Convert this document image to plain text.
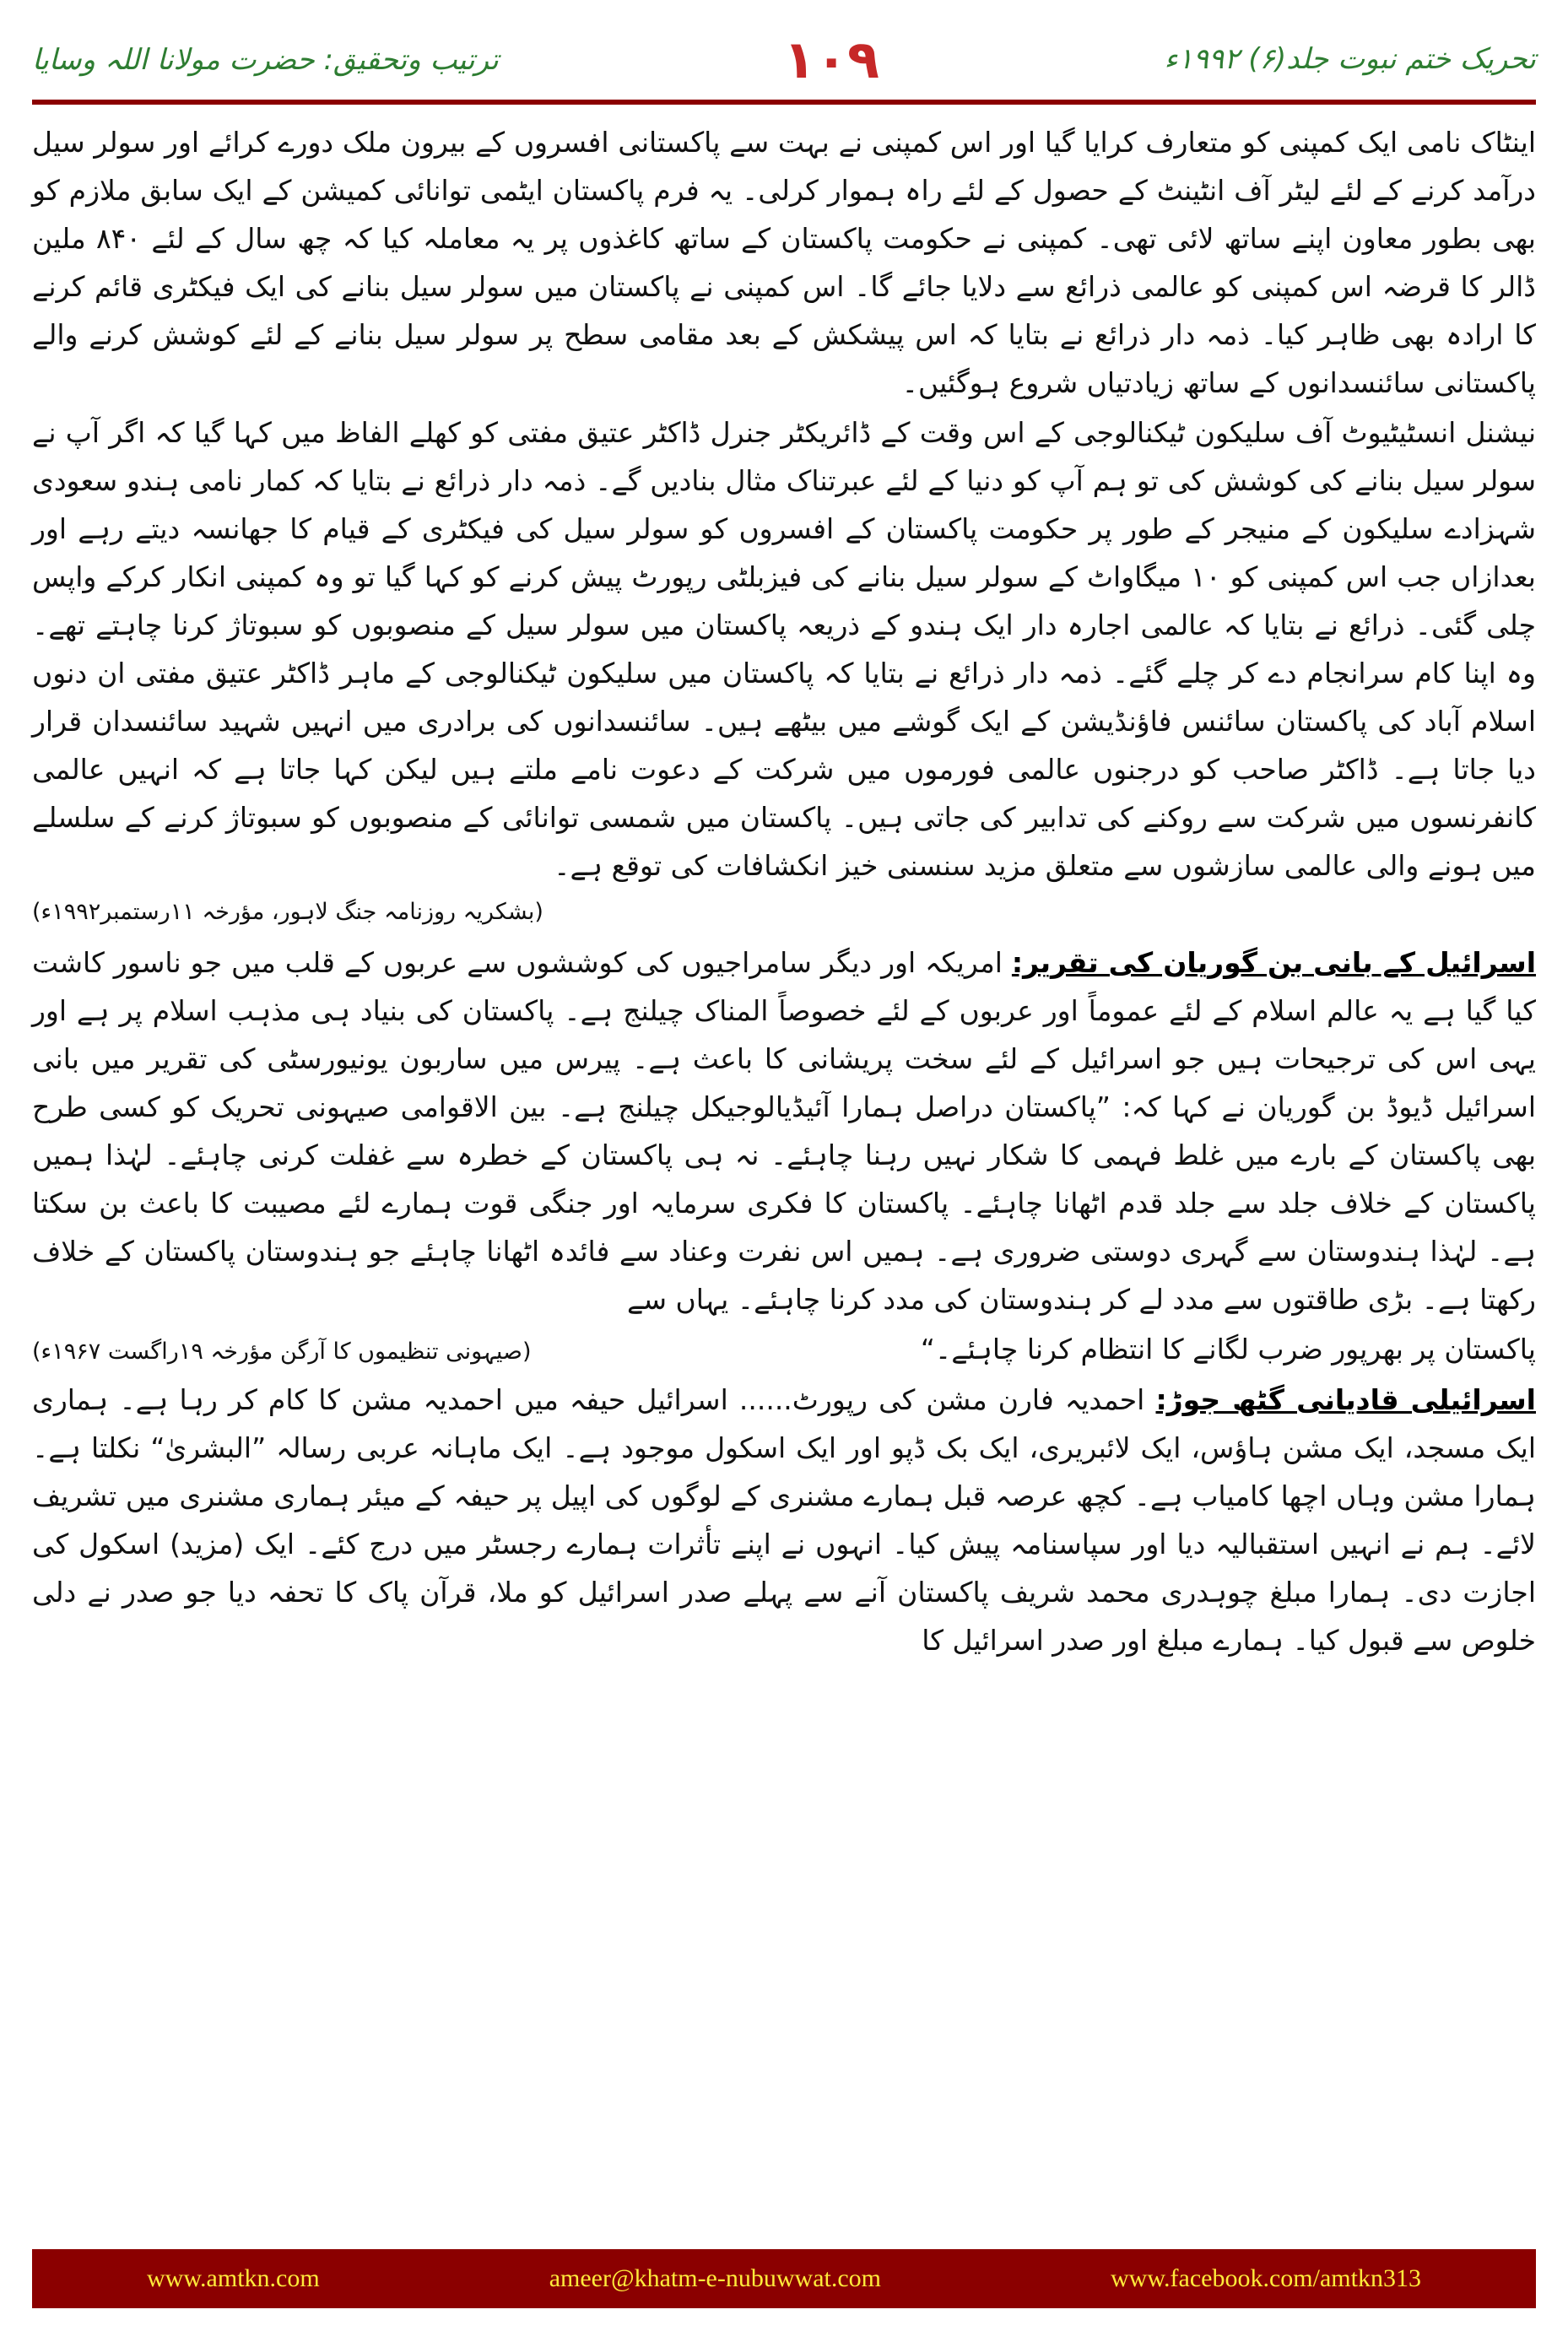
ترتیب وتحقیق: حضرت مولانا اللہ وسایا	۱۰۹	تحریک ختم نبوت جلد(۶) ۱۹۹۲ء

اینٹاک نامی ایک کمپنی کو متعارف کرایا گیا اور اس کمپنی نے بہت سے پاکستانی افسروں کے بیرون ملک دورے کرائے اور سولر سیل درآمد کرنے کے لئے لیٹر آف انٹینٹ کے حصول کے لئے راہ ہموار کرلی۔ یہ فرم پاکستان ایٹمی توانائی کمیشن کے ایک سابق ملازم کو بھی بطور معاون اپنے ساتھ لائی تھی۔ کمپنی نے حکومت پاکستان کے ساتھ کاغذوں پر یہ معاملہ کیا کہ چھ سال کے لئے ۸۴۰ ملین ڈالر کا قرضہ اس کمپنی کو عالمی ذرائع سے دلایا جائے گا۔ اس کمپنی نے پاکستان میں سولر سیل بنانے کی ایک فیکٹری قائم کرنے کا ارادہ بھی ظاہر کیا۔ ذمہ دار ذرائع نے بتایا کہ اس پیشکش کے بعد مقامی سطح پر سولر سیل بنانے کے لئے کوشش کرنے والے پاکستانی سائنسدانوں کے ساتھ زیادتیاں شروع ہوگئیں۔

نیشنل انسٹیٹیوٹ آف سلیکون ٹیکنالوجی کے اس وقت کے ڈائریکٹر جنرل ڈاکٹر عتیق مفتی کو کھلے الفاظ میں کہا گیا کہ اگر آپ نے سولر سیل بنانے کی کوشش کی تو ہم آپ کو دنیا کے لئے عبرتناک مثال بنادیں گے۔ ذمہ دار ذرائع نے بتایا کہ کمار نامی ہندو سعودی شہزادے سلیکون کے منیجر کے طور پر حکومت پاکستان کے افسروں کو سولر سیل کی فیکٹری کے قیام کا جھانسہ دیتے رہے اور بعدازاں جب اس کمپنی کو ۱۰ میگاواٹ کے سولر سیل بنانے کی فیزبلٹی رپورٹ پیش کرنے کو کہا گیا تو وہ کمپنی انکار کرکے واپس چلی گئی۔ ذرائع نے بتایا کہ عالمی اجارہ دار ایک ہندو کے ذریعہ پاکستان میں سولر سیل کے منصوبوں کو سبوتاژ کرنا چاہتے تھے۔ وہ اپنا کام سرانجام دے کر چلے گئے۔ ذمہ دار ذرائع نے بتایا کہ پاکستان میں سلیکون ٹیکنالوجی کے ماہر ڈاکٹر عتیق مفتی ان دنوں اسلام آباد کی پاکستان سائنس فاؤنڈیشن کے ایک گوشے میں بیٹھے ہیں۔ سائنسدانوں کی برادری میں انہیں شہید سائنسدان قرار دیا جاتا ہے۔ ڈاکٹر صاحب کو درجنوں عالمی فورموں میں شرکت کے دعوت نامے ملتے ہیں لیکن کہا جاتا ہے کہ انہیں عالمی کانفرنسوں میں شرکت سے روکنے کی تدابیر کی جاتی ہیں۔ پاکستان میں شمسی توانائی کے منصوبوں کو سبوتاژ کرنے کے سلسلے میں ہونے والی عالمی سازشوں سے متعلق مزید سنسنی خیز انکشافات کی توقع ہے۔

(بشکریہ روزنامہ جنگ لاہور، مؤرخہ ۱۱رستمبر۱۹۹۲ء)

اسرائیل کے بانی بن گوریان کی تقریر: امریکہ اور دیگر سامراجیوں کی کوششوں سے عربوں کے قلب میں جو ناسور کاشت کیا گیا ہے یہ عالم اسلام کے لئے عموماً اور عربوں کے لئے خصوصاً المناک چیلنج ہے۔ پاکستان کی بنیاد ہی مذہب اسلام پر ہے اور یہی اس کی ترجیحات ہیں جو اسرائیل کے لئے سخت پریشانی کا باعث ہے۔ پیرس میں ساربون یونیورسٹی کی تقریر میں بانی اسرائیل ڈیوڈ بن گوریان نے کہا کہ: ”پاکستان دراصل ہمارا آئیڈیالوجیکل چیلنج ہے۔ بین الاقوامی صیہونی تحریک کو کسی طرح بھی پاکستان کے بارے میں غلط فہمی کا شکار نہیں رہنا چاہئے۔ نہ ہی پاکستان کے خطرہ سے غفلت کرنی چاہئے۔ لہٰذا ہمیں پاکستان کے خلاف جلد سے جلد قدم اٹھانا چاہئے۔ پاکستان کا فکری سرمایہ اور جنگی قوت ہمارے لئے مصیبت کا باعث بن سکتا ہے۔ لہٰذا ہندوستان سے گہری دوستی ضروری ہے۔ ہمیں اس نفرت وعناد سے فائدہ اٹھانا چاہئے جو ہندوستان پاکستان کے خلاف رکھتا ہے۔ بڑی طاقتوں سے مدد لے کر ہندوستان کی مدد کرنا چاہئے۔ یہاں سے

پاکستان پر بھرپور ضرب لگانے کا انتظام کرنا چاہئے۔“

(صیہونی تنظیموں کا آرگن مؤرخہ ۱۹راگست ۱۹۶۷ء)

اسرائیلی قادیانی گٹھ جوڑ: احمدیہ فارن مشن کی رپورٹ...... اسرائیل حیفہ میں احمدیہ مشن کا کام کر رہا ہے۔ ہماری ایک مسجد، ایک مشن ہاؤس، ایک لائبریری، ایک بک ڈپو اور ایک اسکول موجود ہے۔ ایک ماہانہ عربی رسالہ ”البشریٰ“ نکلتا ہے۔ ہمارا مشن وہاں اچھا کامیاب ہے۔ کچھ عرصہ قبل ہمارے مشنری کے لوگوں کی اپیل پر حیفہ کے میئر ہماری مشنری میں تشریف لائے۔ ہم نے انہیں استقبالیہ دیا اور سپاسنامہ پیش کیا۔ انہوں نے اپنے تأثرات ہمارے رجسٹر میں درج کئے۔ ایک (مزید) اسکول کی اجازت دی۔ ہمارا مبلغ چوہدری محمد شریف پاکستان آنے سے پہلے صدر اسرائیل کو ملا، قرآن پاک کا تحفہ دیا جو صدر نے دلی خلوص سے قبول کیا۔ ہمارے مبلغ اور صدر اسرائیل کا

www.amtkn.com	ameer@khatm-e-nubuwwat.com	www.facebook.com/amtkn313
